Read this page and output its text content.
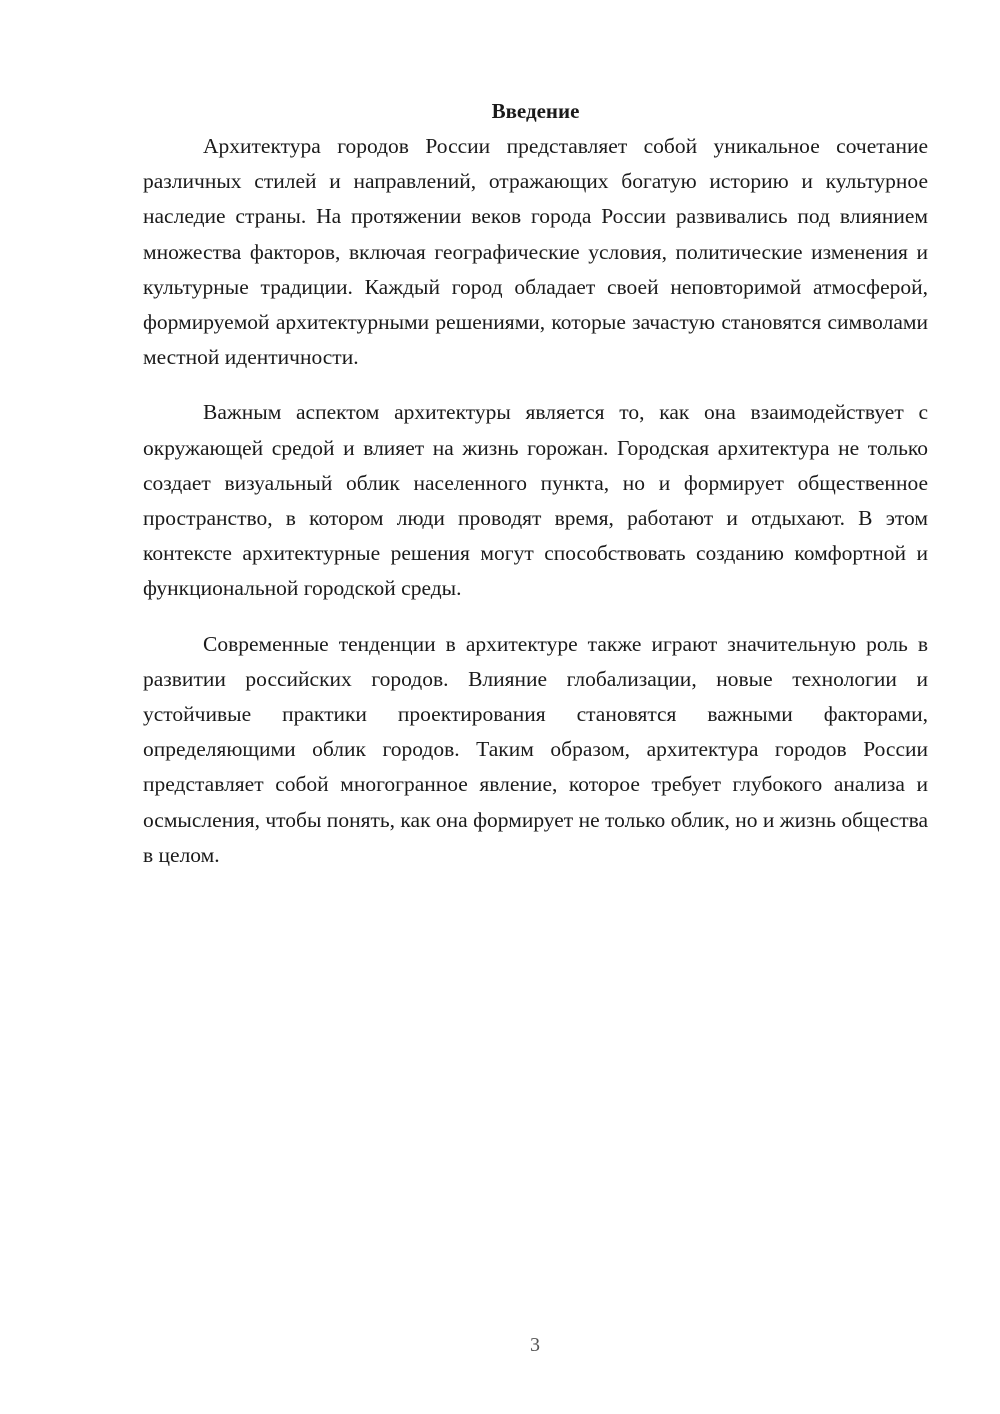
Введение

Архитектура городов России представляет собой уникальное сочетание различных стилей и направлений, отражающих богатую историю и культурное наследие страны. На протяжении веков города России развивались под влиянием множества факторов, включая географические условия, политические изменения и культурные традиции. Каждый город обладает своей неповторимой атмосферой, формируемой архитектурными решениями, которые зачастую становятся символами местной идентичности.

Важным аспектом архитектуры является то, как она взаимодействует с окружающей средой и влияет на жизнь горожан. Городская архитектура не только создает визуальный облик населенного пункта, но и формирует общественное пространство, в котором люди проводят время, работают и отдыхают. В этом контексте архитектурные решения могут способствовать созданию комфортной и функциональной городской среды.

Современные тенденции в архитектуре также играют значительную роль в развитии российских городов. Влияние глобализации, новые технологии и устойчивые практики проектирования становятся важными факторами, определяющими облик городов. Таким образом, архитектура городов России представляет собой многогранное явление, которое требует глубокого анализа и осмысления, чтобы понять, как она формирует не только облик, но и жизнь общества в целом.

3
